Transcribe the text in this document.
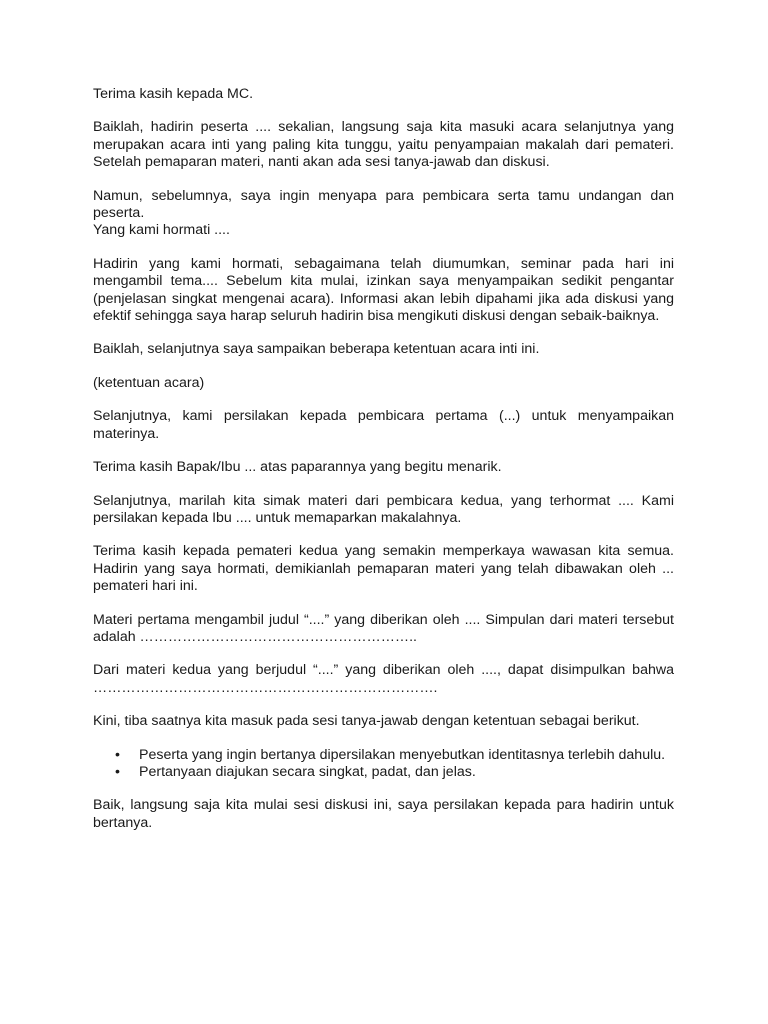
Terima kasih kepada MC.

Baiklah, hadirin peserta .... sekalian, langsung saja kita masuki acara selanjutnya yang merupakan acara inti yang paling kita tunggu, yaitu penyampaian makalah dari pemateri. Setelah pemaparan materi, nanti akan ada sesi tanya-jawab dan diskusi.

Namun, sebelumnya, saya ingin menyapa para pembicara serta tamu undangan dan peserta.
Yang kami hormati ....

Hadirin yang kami hormati, sebagaimana telah diumumkan, seminar pada hari ini mengambil tema.... Sebelum kita mulai, izinkan saya menyampaikan sedikit pengantar (penjelasan singkat mengenai acara). Informasi akan lebih dipahami jika ada diskusi yang efektif sehingga saya harap seluruh hadirin bisa mengikuti diskusi dengan sebaik-baiknya.

Baiklah, selanjutnya saya sampaikan beberapa ketentuan acara inti ini.

(ketentuan acara)

Selanjutnya, kami persilakan kepada pembicara pertama (...) untuk menyampaikan materinya.

Terima kasih Bapak/Ibu ... atas paparannya yang begitu menarik.

Selanjutnya, marilah kita simak materi dari pembicara kedua, yang terhormat .... Kami persilakan kepada Ibu .... untuk memaparkan makalahnya.

Terima kasih kepada pemateri kedua yang semakin memperkaya wawasan kita semua. Hadirin yang saya hormati, demikianlah pemaparan materi yang telah dibawakan oleh ... pemateri hari ini.

Materi pertama mengambil judul “....” yang diberikan oleh .... Simpulan dari materi tersebut adalah …………………………………………………..

Dari materi kedua yang berjudul “....” yang diberikan oleh ...., dapat disimpulkan bahwa ……………………………………………………………….

Kini, tiba saatnya kita masuk pada sesi tanya-jawab dengan ketentuan sebagai berikut.

• Peserta yang ingin bertanya dipersilakan menyebutkan identitasnya terlebih dahulu.
• Pertanyaan diajukan secara singkat, padat, dan jelas.

Baik, langsung saja kita mulai sesi diskusi ini, saya persilakan kepada para hadirin untuk bertanya.
